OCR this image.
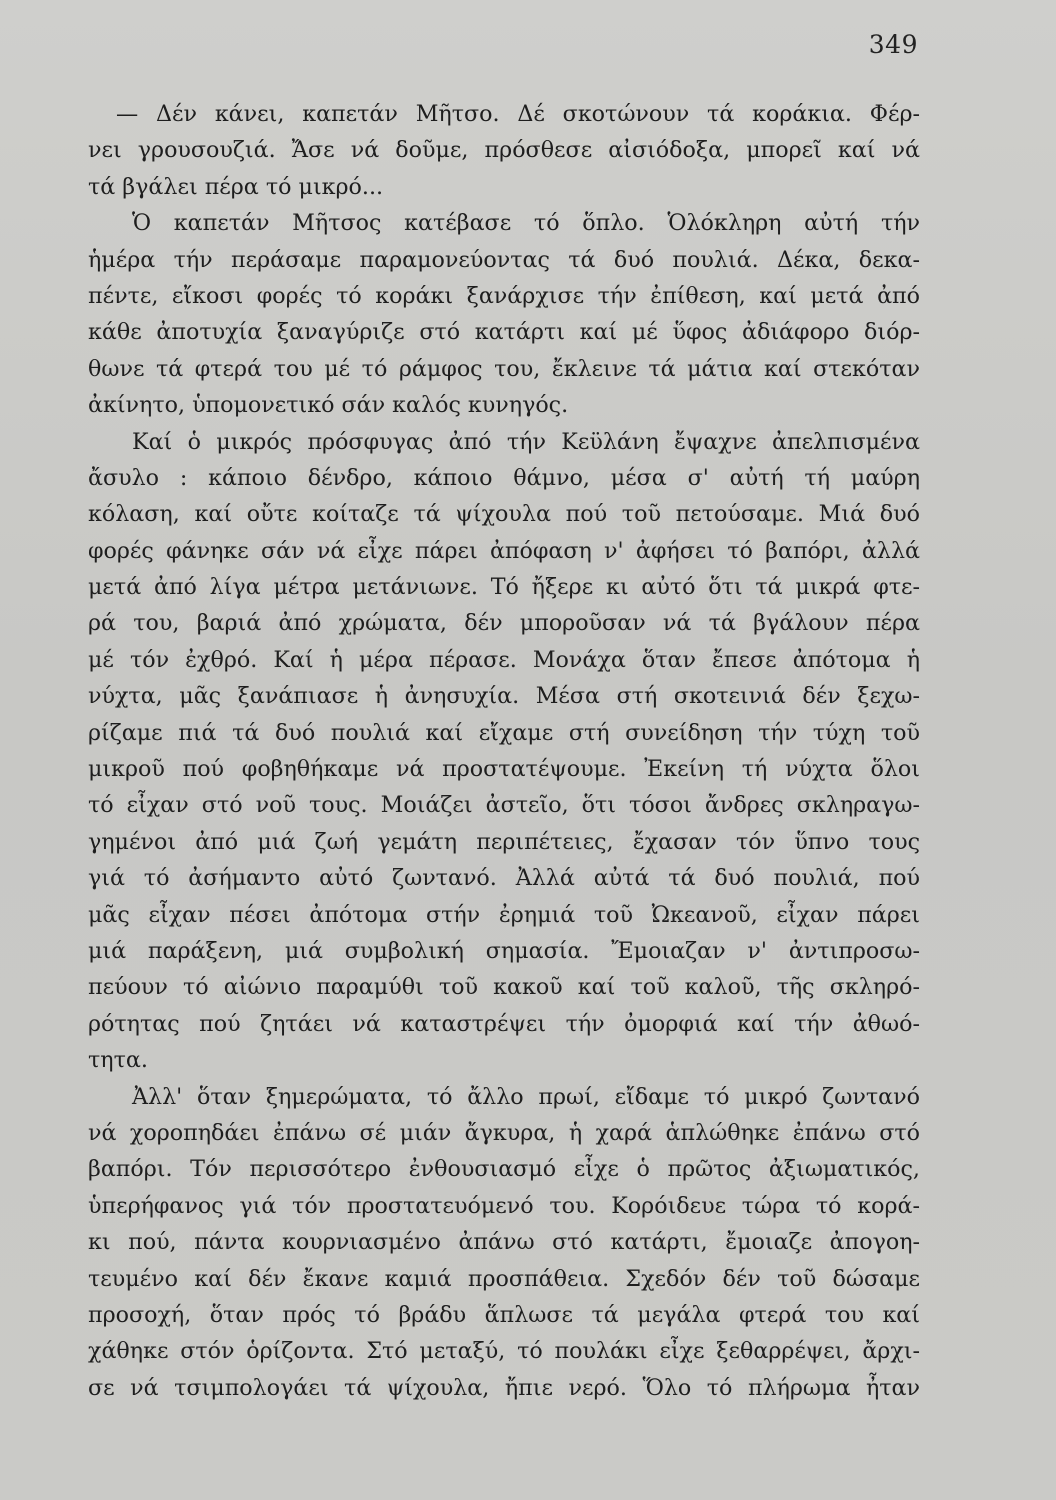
349
— Δέν κάνει, καπετάν Μῆτσο. Δέ σκοτώνουν τά κοράκια. Φέρ-
νει γρουσουζιά. Ἄσε νά δοῦμε, πρόσθεσε αἰσιόδοξα, μπορεῖ καί νά
τά βγάλει πέρα τό μικρό...
Ὁ καπετάν Μῆτσος κατέβασε τό ὅπλο. Ὁλόκληρη αὐτή τήν
ἡμέρα τήν περάσαμε παραμονεύοντας τά δυό πουλιά. Δέκα, δεκα-
πέντε, εἴκοσι φορές τό κοράκι ξανάρχισε τήν ἐπίθεση, καί μετά ἀπό
κάθε ἀποτυχία ξαναγύριζε στό κατάρτι καί μέ ὕφος ἀδιάφορο διόρ-
θωνε τά φτερά του μέ τό ράμφος του, ἔκλεινε τά μάτια καί στεκόταν
ἀκίνητο, ὑπομονετικό σάν καλός κυνηγός.
Καί ὁ μικρός πρόσφυγας ἀπό τήν Κεϋλάνη ἔψαχνε ἀπελπισμένα
ἄσυλο : κάποιο δένδρο, κάποιο θάμνο, μέσα σ' αὐτή τή μαύρη
κόλαση, καί οὔτε κοίταζε τά ψίχουλα πού τοῦ πετούσαμε. Μιά δυό
φορές φάνηκε σάν νά εἶχε πάρει ἀπόφαση ν' ἀφήσει τό βαπόρι, ἀλλά
μετά ἀπό λίγα μέτρα μετάνιωνε. Τό ἤξερε κι αὐτό ὅτι τά μικρά φτε-
ρά του, βαριά ἀπό χρώματα, δέν μποροῦσαν νά τά βγάλουν πέρα
μέ τόν ἐχθρό. Καί ἡ μέρα πέρασε. Μονάχα ὅταν ἔπεσε ἀπότομα ἡ
νύχτα, μᾶς ξανάπιασε ἡ ἀνησυχία. Μέσα στή σκοτεινιά δέν ξεχω-
ρίζαμε πιά τά δυό πουλιά καί εἴχαμε στή συνείδηση τήν τύχη τοῦ
μικροῦ πού φοβηθήκαμε νά προστατέψουμε. Ἐκείνη τή νύχτα ὅλοι
τό εἶχαν στό νοῦ τους. Μοιάζει ἀστεῖο, ὅτι τόσοι ἄνδρες σκληραγω-
γημένοι ἀπό μιά ζωή γεμάτη περιπέτειες, ἔχασαν τόν ὕπνο τους
γιά τό ἀσήμαντο αὐτό ζωντανό. Ἀλλά αὐτά τά δυό πουλιά, πού
μᾶς εἶχαν πέσει ἀπότομα στήν ἐρημιά τοῦ Ὠκεανοῦ, εἶχαν πάρει
μιά παράξενη, μιά συμβολική σημασία. Ἔμοιαζαν ν' ἀντιπροσω-
πεύουν τό αἰώνιο παραμύθι τοῦ κακοῦ καί τοῦ καλοῦ, τῆς σκληρό-
ρότητας πού ζητάει νά καταστρέψει τήν ὀμορφιά καί τήν ἀθωό-
τητα.
Ἀλλ' ὅταν ξημερώματα, τό ἄλλο πρωί, εἴδαμε τό μικρό ζωντανό
νά χοροπηδάει ἐπάνω σέ μιάν ἄγκυρα, ἡ χαρά ἁπλώθηκε ἐπάνω στό
βαπόρι. Τόν περισσότερο ἐνθουσιασμό εἶχε ὁ πρῶτος ἀξιωματικός,
ὑπερήφανος γιά τόν προστατευόμενό του. Κορόιδευε τώρα τό κορά-
κι πού, πάντα κουρνιασμένο ἀπάνω στό κατάρτι, ἔμοιαζε ἀπογοη-
τευμένο καί δέν ἔκανε καμιά προσπάθεια. Σχεδόν δέν τοῦ δώσαμε
προσοχή, ὅταν πρός τό βράδυ ἅπλωσε τά μεγάλα φτερά του καί
χάθηκε στόν ὁρίζοντα. Στό μεταξύ, τό πουλάκι εἶχε ξεθαρρέψει, ἄρχι-
σε νά τσιμπολογάει τά ψίχουλα, ἤπιε νερό. Ὅλο τό πλήρωμα ἦταν
